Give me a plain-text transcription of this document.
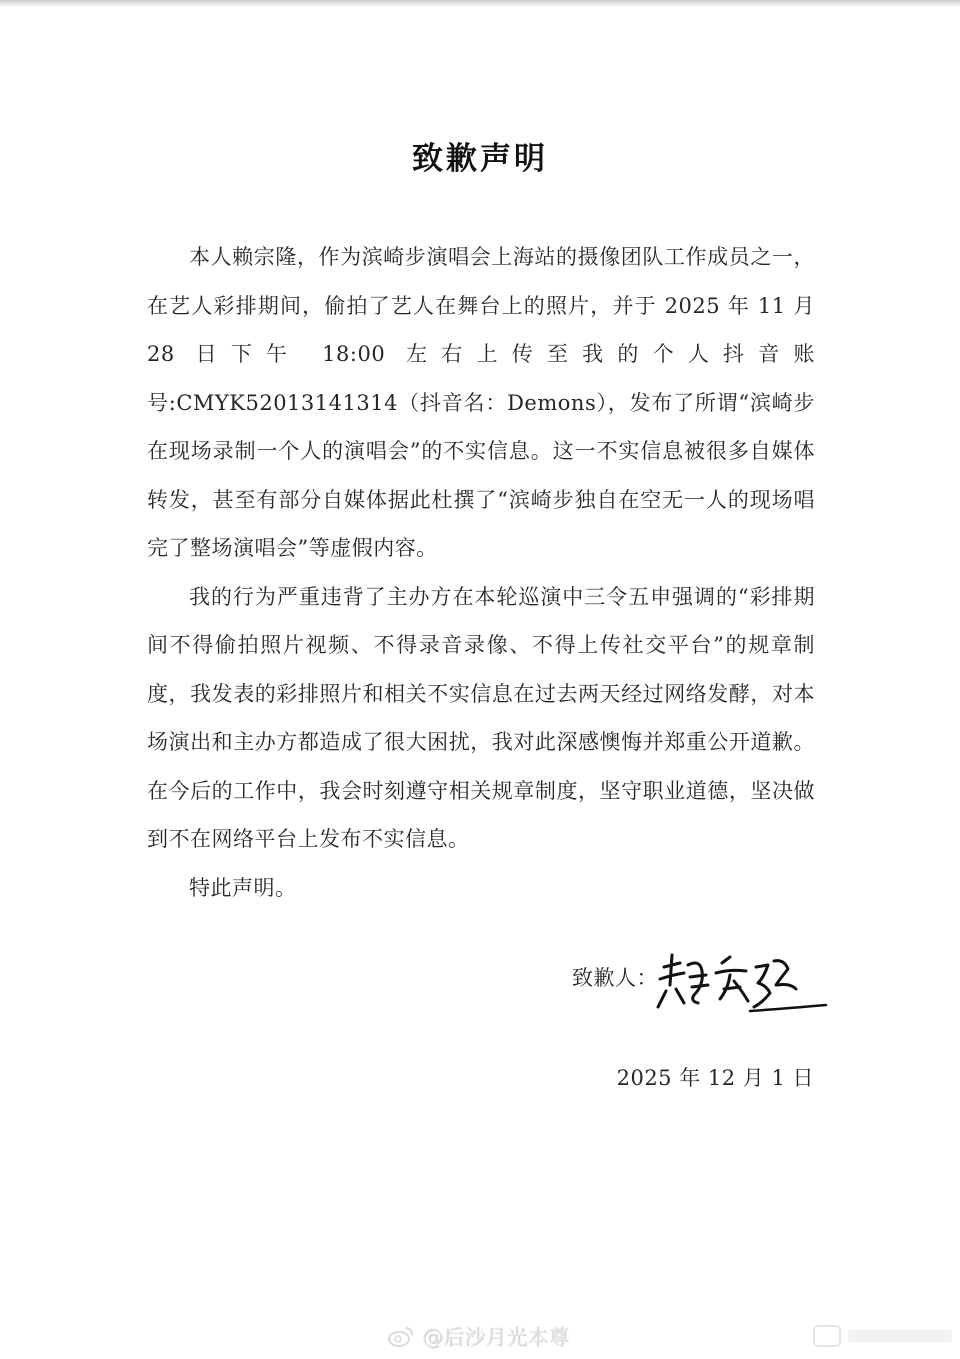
致歉声明

本人赖宗隆，作为滨崎步演唱会上海站的摄像团队工作成员之一，在艺人彩排期间，偷拍了艺人在舞台上的照片，并于 2025 年 11 月 28 日下午 18:00 左右上传至我的个人抖音账号:CMYK52013141314（抖音名：Demons），发布了所谓“滨崎步在现场录制一个人的演唱会”的不实信息。这一不实信息被很多自媒体转发，甚至有部分自媒体据此杜撰了“滨崎步独自在空无一人的现场唱完了整场演唱会”等虚假内容。

我的行为严重违背了主办方在本轮巡演中三令五申强调的“彩排期间不得偷拍照片视频、不得录音录像、不得上传社交平台”的规章制度，我发表的彩排照片和相关不实信息在过去两天经过网络发酵，对本场演出和主办方都造成了很大困扰，我对此深感懊悔并郑重公开道歉。在今后的工作中，我会时刻遵守相关规章制度，坚守职业道德，坚决做到不在网络平台上发布不实信息。

特此声明。

致歉人：
2025 年 12 月 1 日
@后沙月光本尊
